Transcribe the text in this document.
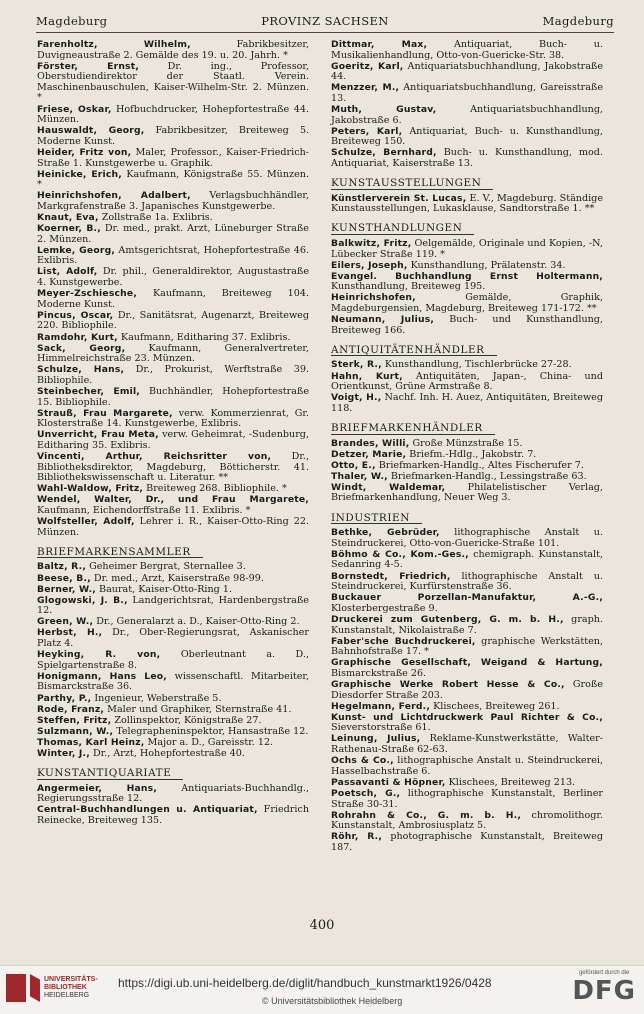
Magdeburg	PROVINZ SACHSEN	Magdeburg
Farenholtz, Wilhelm, Fabrikbesitzer, Duvigneaustraße 2. Gemälde des 19. u. 20. Jahrh. *
Förster, Ernst, Dr. ing., Professor, Oberstudiendirektor der Staatl. Verein. Maschinenbauschulen, Kaiser-Wilhelm-Str. 2. Münzen. *
Friese, Oskar, Hofbuchdrucker, Hohepfortestraße 44. Münzen.
Hauswaldt, Georg, Fabrikbesitzer, Breiteweg 5. Moderne Kunst.
Heider, Fritz von, Maler, Professor., Kaiser-Friedrich-Straße 1. Kunstgewerbe u. Graphik.
Heinicke, Erich, Kaufmann, Königstraße 55. Münzen. *
Heinrichshofen, Adalbert, Verlagsbuchhändler, Markgrafenstraße 3. Japanisches Kunstgewerbe.
Knaut, Eva, Zollstraße 1a. Exlibris.
Koerner, B., Dr. med., prakt. Arzt, Lüneburger Straße 2. Münzen.
Lemke, Georg, Amtsgerichtsrat, Hohepfortestraße 46. Exlibris.
List, Adolf, Dr. phil., Generaldirektor, Augustastraße 4. Kunstgewerbe.
Meyer-Zschiesche, Kaufmann, Breiteweg 104. Moderne Kunst.
Pincus, Oscar, Dr., Sanitätsrat, Augenarzt, Breiteweg 220. Bibliophile.
Ramdohr, Kurt, Kaufmann, Editharing 37. Exlibris.
Sack, Georg, Kaufmann, Generalvertreter, Himmelreichstraße 23. Münzen.
Schulze, Hans, Dr., Prokurist, Werftstraße 39. Bibliophile.
Steinbecher, Emil, Buchhändler, Hohepfortestraße 15. Bibliophile.
Strauß, Frau Margarete, verw. Kommerzienrat, Gr. Klosterstraße 14. Kunstgewerbe, Exlibris.
Unverricht, Frau Meta, verw. Geheimrat, -Sudenburg, Editharing 35. Exlibris.
Vincenti, Arthur, Reichsritter von, Dr., Bibliotheksdirektor, Magdeburg, Bötticherstr. 41. Bibliothekswissenschaft u. Literatur. **
Wahl-Waldow, Fritz, Breiteweg 268. Bibliophile. *
Wendel, Walter, Dr., und Frau Margarete, Kaufmann, Eichendorffstraße 11. Exlibris. *
Wolfsteller, Adolf, Lehrer i. R., Kaiser-Otto-Ring 22. Münzen.
BRIEFMARKENSAMMLER
Baltz, R., Geheimer Bergrat, Sternallee 3.
Beese, B., Dr. med., Arzt, Kaiserstraße 98-99.
Berner, W., Baurat, Kaiser-Otto-Ring 1.
Glogowski, J. B., Landgerichtsrat, Hardenbergstraße 12.
Green, W., Dr., Generalarzt a. D., Kaiser-Otto-Ring 2.
Herbst, H., Dr., Ober-Regierungsrat, Askanischer Platz 4.
Heyking, R. von, Oberleutnant a. D., Spielgartenstraße 8.
Honigmann, Hans Leo, wissenschaftl. Mitarbeiter, Bismarckstraße 36.
Parthy, P., Ingenieur, Weberstraße 5.
Rode, Franz, Maler und Graphiker, Sternstraße 41.
Steffen, Fritz, Zollinspektor, Königstraße 27.
Sulzmann, W., Telegrapheninspektor, Hansastraße 12.
Thomas, Karl Heinz, Major a. D., Gareisstr. 12.
Winter, J., Dr., Arzt, Hohepfortestraße 40.
KUNSTANTIQUARIATE
Angermeier, Hans, Antiquariats-Buchhandlg., Regierungsstraße 12.
Central-Buchhandlungen u. Antiquariat, Friedrich Reinecke, Breiteweg 135.
Dittmar, Max, Antiquariat, Buch- u. Musikalienhandlung, Otto-von-Guericke-Str. 38.
Goeritz, Karl, Antiquariatsbuchhandlung, Jakobstraße 44.
Menzzer, M., Antiquariatsbuchhandlung, Gareisstraße 13.
Muth, Gustav, Antiquariatsbuchhandlung, Jakobstraße 6.
Peters, Karl, Antiquariat, Buch- u. Kunsthandlung, Breiteweg 150.
Schulze, Bernhard, Buch- u. Kunsthandlung, mod. Antiquariat, Kaiserstraße 13.
KUNSTAUSSTELLUNGEN
Künstlerverein St. Lucas, E. V., Magdeburg. Ständige Kunstausstellungen, Lukasklause, Sandtorstraße 1. **
KUNSTHANDLUNGEN
Balkwitz, Fritz, Oelgemälde, Originale und Kopien, -N, Lübecker Straße 119. *
Eilers, Joseph, Kunsthandlung, Prälatenstr. 34.
Evangel. Buchhandlung Ernst Holtermann, Kunsthandlung, Breiteweg 195.
Heinrichshofen, Gemälde, Graphik, Magdeburgensien, Magdeburg, Breiteweg 171-172. **
Neumann, Julius, Buch- und Kunsthandlung, Breiteweg 166.
ANTIQUITÄTENHÄNDLER
Sterk, R., Kunsthandlung, Tischlerbrücke 27-28.
Hahn, Kurt, Antiquitäten, Japan-, China- und Orientkunst, Grüne Armstraße 8.
Voigt, H., Nachf. Inh. H. Auez, Antiquitäten, Breiteweg 118.
BRIEFMARKENHÄNDLER
Brandes, Willi, Große Münzstraße 15.
Detzer, Marie, Briefm.-Hdlg., Jakobstr. 7.
Otto, E., Briefmarken-Handlg., Altes Fischerufer 7.
Thaler, W., Briefmarken-Handlg., Lessingstraße 63.
Windt, Waldemar, Philatelistischer Verlag, Briefmarkenhandlung, Neuer Weg 3.
INDUSTRIEN
Bethke, Gebrüder, lithographische Anstalt u. Steindruckerei, Otto-von-Guericke-Straße 101.
Böhmo & Co., Kom.-Ges., chemigraph. Kunstanstalt, Sedanring 4-5.
Bornstedt, Friedrich, lithographische Anstalt u. Steindruckerei, Kurfürstenstraße 36.
Buckauer Porzellan-Manufaktur, A.-G., Klosterbergestraße 9.
Druckerei zum Gutenberg, G. m. b. H., graph. Kunstanstalt, Nikolaistraße 7.
Faber'sche Buchdruckerei, graphische Werkstätten, Bahnhofstraße 17. *
Graphische Gesellschaft, Weigand & Hartung, Bismarckstraße 26.
Graphische Werke Robert Hesse & Co., Große Diesdorfer Straße 203.
Hegelmann, Ferd., Klischees, Breiteweg 261.
Kunst- und Lichtdruckwerk Paul Richter & Co., Sieverstorstraße 61.
Leinung, Julius, Reklame-Kunstwerkstätte, Walter-Rathenau-Straße 62-63.
Ochs & Co., lithographische Anstalt u. Steindruckerei, Hasselbachstraße 6.
Passavanti & Höpner, Klischees, Breiteweg 213.
Poetsch, G., lithographische Kunstanstalt, Berliner Straße 30-31.
Rohrahn & Co., G. m. b. H., chromolithogr. Kunstanstalt, Ambrosiusplatz 5.
Röhr, R., photographische Kunstanstalt, Breiteweg 187.
400
UNIVERSITÄTS-
BIBLIOTHEK
HEIDELBERG
https://digi.ub.uni-heidelberg.de/diglit/handbuch_kunstmarkt1926/0428
© Universitätsbibliothek Heidelberg
gefördert durch die
DFG
